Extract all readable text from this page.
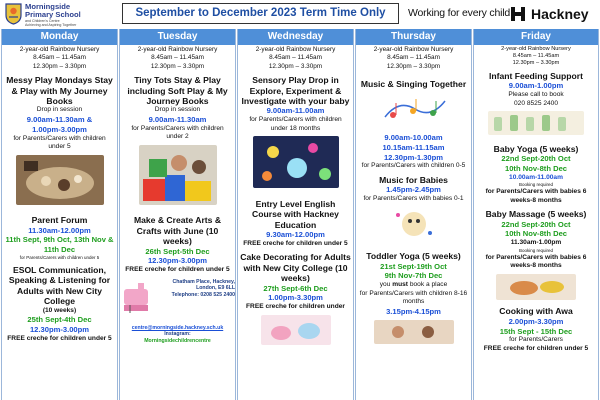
Morningside
Primary School
and Children's Centre
Achieving and Aspiring Together
September to December 2023 Term Time Only	Working for every child Hackney
Monday
2-year-old Rainbow Nursery
8.45am – 11.45am
12.30pm – 3.30pm
Messy Play Mondays Stay & Play with My Journey Books
Drop in session
9.00am-11.30am &
1.00pm-3.00pm
for Parents/Carers with children under 5
Parent Forum
11.30am-12.00pm
11th Sept, 9th Oct, 13th Nov & 11th Dec
for Parents/Carers with children under 5
ESOL Communication, Speaking & Listening for Adults with New City College
(10 weeks)
25th Sept-4th Dec
12.30pm-3.00pm
FREE creche for children under 5
Tuesday
2-year-old Rainbow Nursery
8.45am – 11.45am
12.30pm – 3.30pm
Tiny Tots Stay & Play including Soft Play & My Journey Books
Drop in session
9.00am-11.30am
for Parents/Carers with children under 2
Make & Create Arts & Crafts with June (10 weeks)
26th Sept-5th Dec
12.30pm-3.00pm
FREE creche for children under 5
Chatham Place, Hackney,
London, E9 6LL
Telephone: 0208 525 2400
centre@morningside.hackney.sch.uk
Instagram:
Morningsidechildrencentre
Wednesday
2-year-old Rainbow Nursery
8.45am – 11.45am
12.30pm – 3.30pm
Sensory Play Drop in Explore, Experiment & Investigate with your baby
9.00am-11.00am
for Parents/Carers with children under 18 months
Entry Level English Course with Hackney Education
9.30am-12.00pm
FREE creche for children under 5
Cake Decorating for Adults with New City College (10 weeks)
27th Sept-6th Dec
1.00pm-3.30pm
FREE creche for children under
Thursday
2-year-old Rainbow Nursery
8.45am – 11.45am
12.30pm – 3.30pm
Music & Singing Together
9.00am-10.00am
10.15am-11.15am
12.30pm-1.30pm
for Parents/Carers with children 0-5
Music for Babies
1.45pm-2.45pm
for Parents/Carers with babies 0-1
Toddler Yoga (5 weeks)
21st Sept-19th Oct
9th Nov-7th Dec
you must book a place
for Parents/Carers with children 8-16 months
3.15pm-4.15pm
Friday
2-year-old Rainbow Nursery
8.45am – 11.45am
12.30pm – 3.30pm
Infant Feeding Support
9.00am-1.00pm
Please call to book
020 8525 2400
Baby Yoga (5 weeks)
22nd Sept-20th Oct
10th Nov-8th Dec
10.00am-11.00am
Booking required
for Parents/Carers with babies 6 weeks-8 months
Baby Massage (5 weeks)
22nd Sept-20th Oct
10th Nov-8th Dec
11.30am-1.00pm
Booking required
for Parents/Carers with babies 6 weeks-8 months
Cooking with Awa
2.00pm-3.30pm
15th Sept - 15th Dec
for Parents/Carers
FREE creche for children under 5
